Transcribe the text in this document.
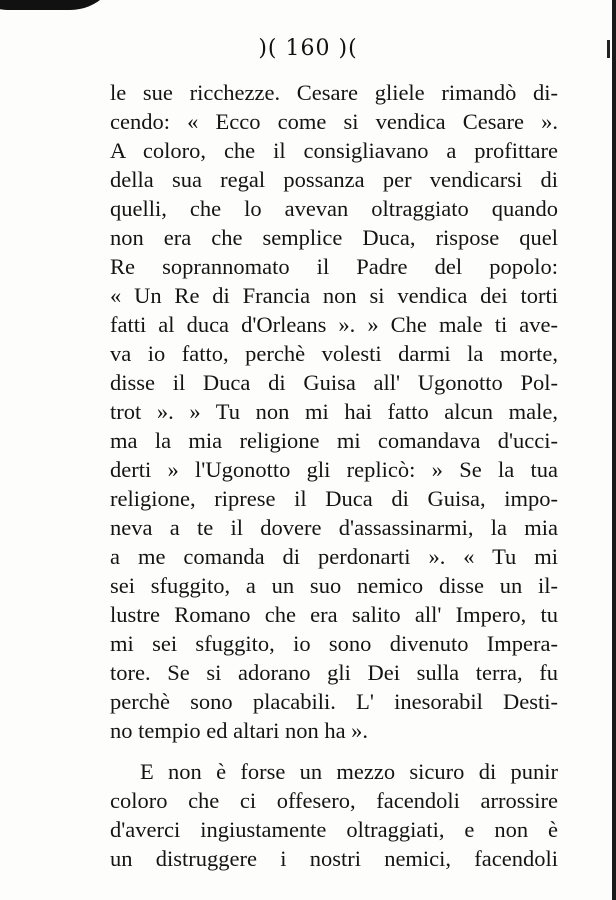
)( 160 )(
le sue ricchezze. Cesare gliele rimandò di-
cendo: « Ecco come si vendica Cesare ».
A coloro, che il consigliavano a profittare
della sua regal possanza per vendicarsi di
quelli, che lo avevan oltraggiato quando
non era che semplice Duca, rispose quel
Re soprannomato il Padre del popolo:
« Un Re di Francia non si vendica dei torti
fatti al duca d'Orleans ». » Che male ti ave-
va io fatto, perchè volesti darmi la morte,
disse il Duca di Guisa all' Ugonotto Pol-
trot ». » Tu non mi hai fatto alcun male,
ma la mia religione mi comandava d'ucci-
derti » l'Ugonotto gli replicò: » Se la tua
religione, riprese il Duca di Guisa, impo-
neva a te il dovere d'assassinarmi, la mia
a me comanda di perdonarti ». « Tu mi
sei sfuggito, a un suo nemico disse un il-
lustre Romano che era salito all' Impero, tu
mi sei sfuggito, io sono divenuto Impera-
tore. Se si adorano gli Dei sulla terra, fu
perchè sono placabili. L' inesorabil Desti-
no tempio ed altari non ha ».
E non è forse un mezzo sicuro di punir
coloro che ci offesero, facendoli arrossire
d'averci ingiustamente oltraggiati, e non è
un distruggere i nostri nemici, facendoli
